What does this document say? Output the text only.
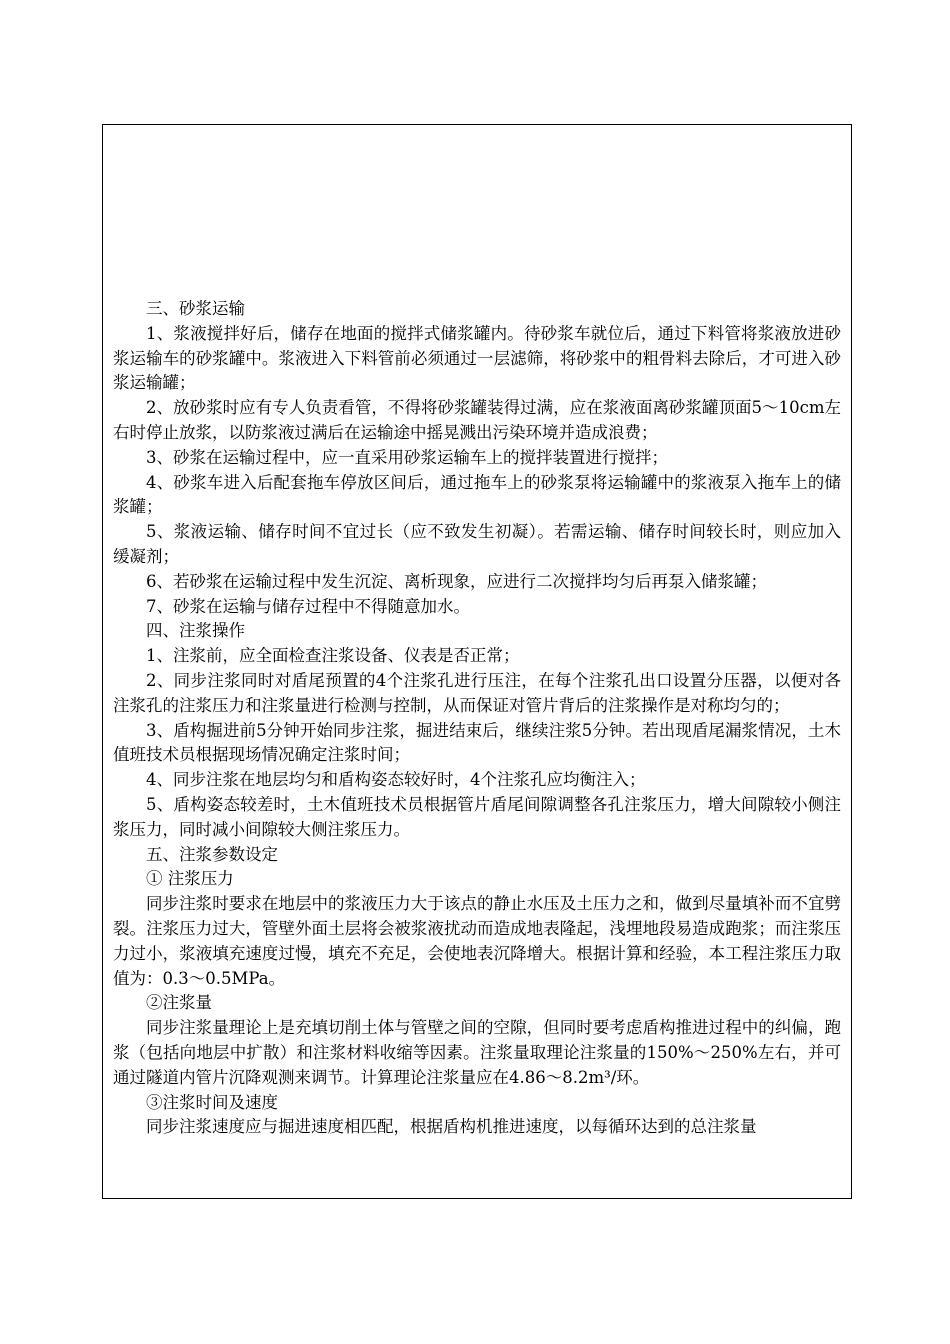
三、砂浆运输

1、浆液搅拌好后，储存在地面的搅拌式储浆罐内。待砂浆车就位后，通过下料管将浆液放进砂浆运输车的砂浆罐中。浆液进入下料管前必须通过一层滤筛，将砂浆中的粗骨料去除后，才可进入砂浆运输罐；

2、放砂浆时应有专人负责看管，不得将砂浆罐装得过满，应在浆液面离砂浆罐顶面5～10cm左右时停止放浆，以防浆液过满后在运输途中摇晃溅出污染环境并造成浪费；

3、砂浆在运输过程中，应一直采用砂浆运输车上的搅拌装置进行搅拌；

4、砂浆车进入后配套拖车停放区间后，通过拖车上的砂浆泵将运输罐中的浆液泵入拖车上的储浆罐；

5、浆液运输、储存时间不宜过长（应不致发生初凝）。若需运输、储存时间较长时，则应加入缓凝剂；

6、若砂浆在运输过程中发生沉淀、离析现象，应进行二次搅拌均匀后再泵入储浆罐；

7、砂浆在运输与储存过程中不得随意加水。

四、注浆操作

1、注浆前，应全面检查注浆设备、仪表是否正常；

2、同步注浆同时对盾尾预置的4个注浆孔进行压注，在每个注浆孔出口设置分压器，以便对各注浆孔的注浆压力和注浆量进行检测与控制，从而保证对管片背后的注浆操作是对称均匀的；

3、盾构掘进前5分钟开始同步注浆，掘进结束后，继续注浆5分钟。若出现盾尾漏浆情况，土木值班技术员根据现场情况确定注浆时间；

4、同步注浆在地层均匀和盾构姿态较好时，4个注浆孔应均衡注入；

5、盾构姿态较差时，土木值班技术员根据管片盾尾间隙调整各孔注浆压力，增大间隙较小侧注浆压力，同时减小间隙较大侧注浆压力。

五、注浆参数设定

① 注浆压力

同步注浆时要求在地层中的浆液压力大于该点的静止水压及土压力之和，做到尽量填补而不宜劈裂。注浆压力过大，管壁外面土层将会被浆液扰动而造成地表隆起，浅埋地段易造成跑浆；而注浆压力过小，浆液填充速度过慢，填充不充足，会使地表沉降增大。根据计算和经验，本工程注浆压力取值为：0.3～0.5MPa。

②注浆量

同步注浆量理论上是充填切削土体与管壁之间的空隙，但同时要考虑盾构推进过程中的纠偏，跑浆（包括向地层中扩散）和注浆材料收缩等因素。注浆量取理论注浆量的150%～250%左右，并可通过隧道内管片沉降观测来调节。计算理论注浆量应在4.86～8.2m³/环。

③注浆时间及速度

同步注浆速度应与掘进速度相匹配，根据盾构机推进速度，以每循环达到的总注浆量
